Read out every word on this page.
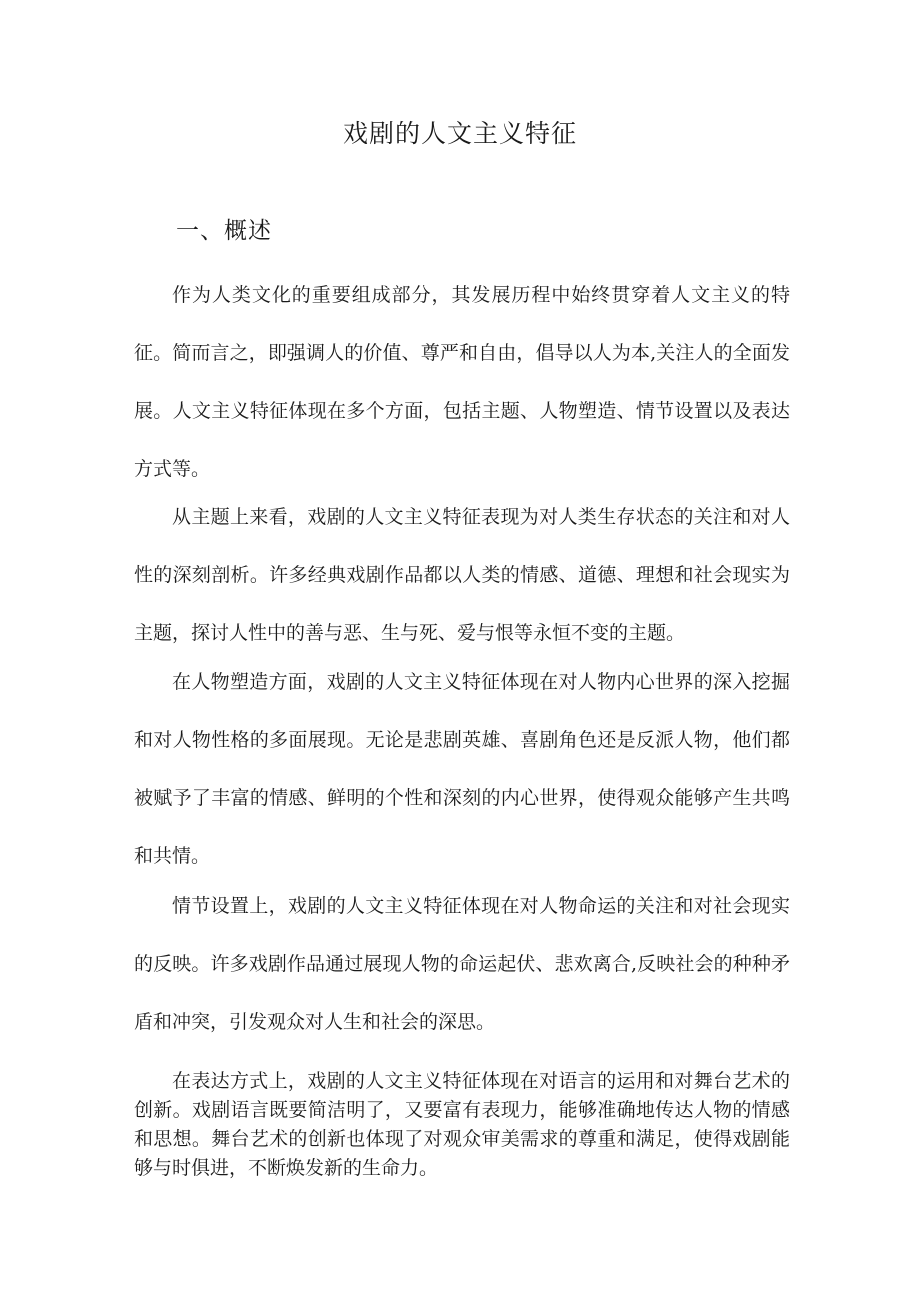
戏剧的人文主义特征
一、概述

作为人类文化的重要组成部分，其发展历程中始终贯穿着人文主义的特征。简而言之，即强调人的价值、尊严和自由，倡导以人为本,关注人的全面发展。人文主义特征体现在多个方面，包括主题、人物塑造、情节设置以及表达方式等。

从主题上来看，戏剧的人文主义特征表现为对人类生存状态的关注和对人性的深刻剖析。许多经典戏剧作品都以人类的情感、道德、理想和社会现实为主题，探讨人性中的善与恶、生与死、爱与恨等永恒不变的主题。

在人物塑造方面，戏剧的人文主义特征体现在对人物内心世界的深入挖掘和对人物性格的多面展现。无论是悲剧英雄、喜剧角色还是反派人物，他们都被赋予了丰富的情感、鲜明的个性和深刻的内心世界，使得观众能够产生共鸣和共情。

情节设置上，戏剧的人文主义特征体现在对人物命运的关注和对社会现实的反映。许多戏剧作品通过展现人物的命运起伏、悲欢离合,反映社会的种种矛盾和冲突，引发观众对人生和社会的深思。

在表达方式上，戏剧的人文主义特征体现在对语言的运用和对舞台艺术的创新。戏剧语言既要简洁明了，又要富有表现力，能够准确地传达人物的情感和思想。舞台艺术的创新也体现了对观众审美需求的尊重和满足，使得戏剧能够与时俱进，不断焕发新的生命力。
